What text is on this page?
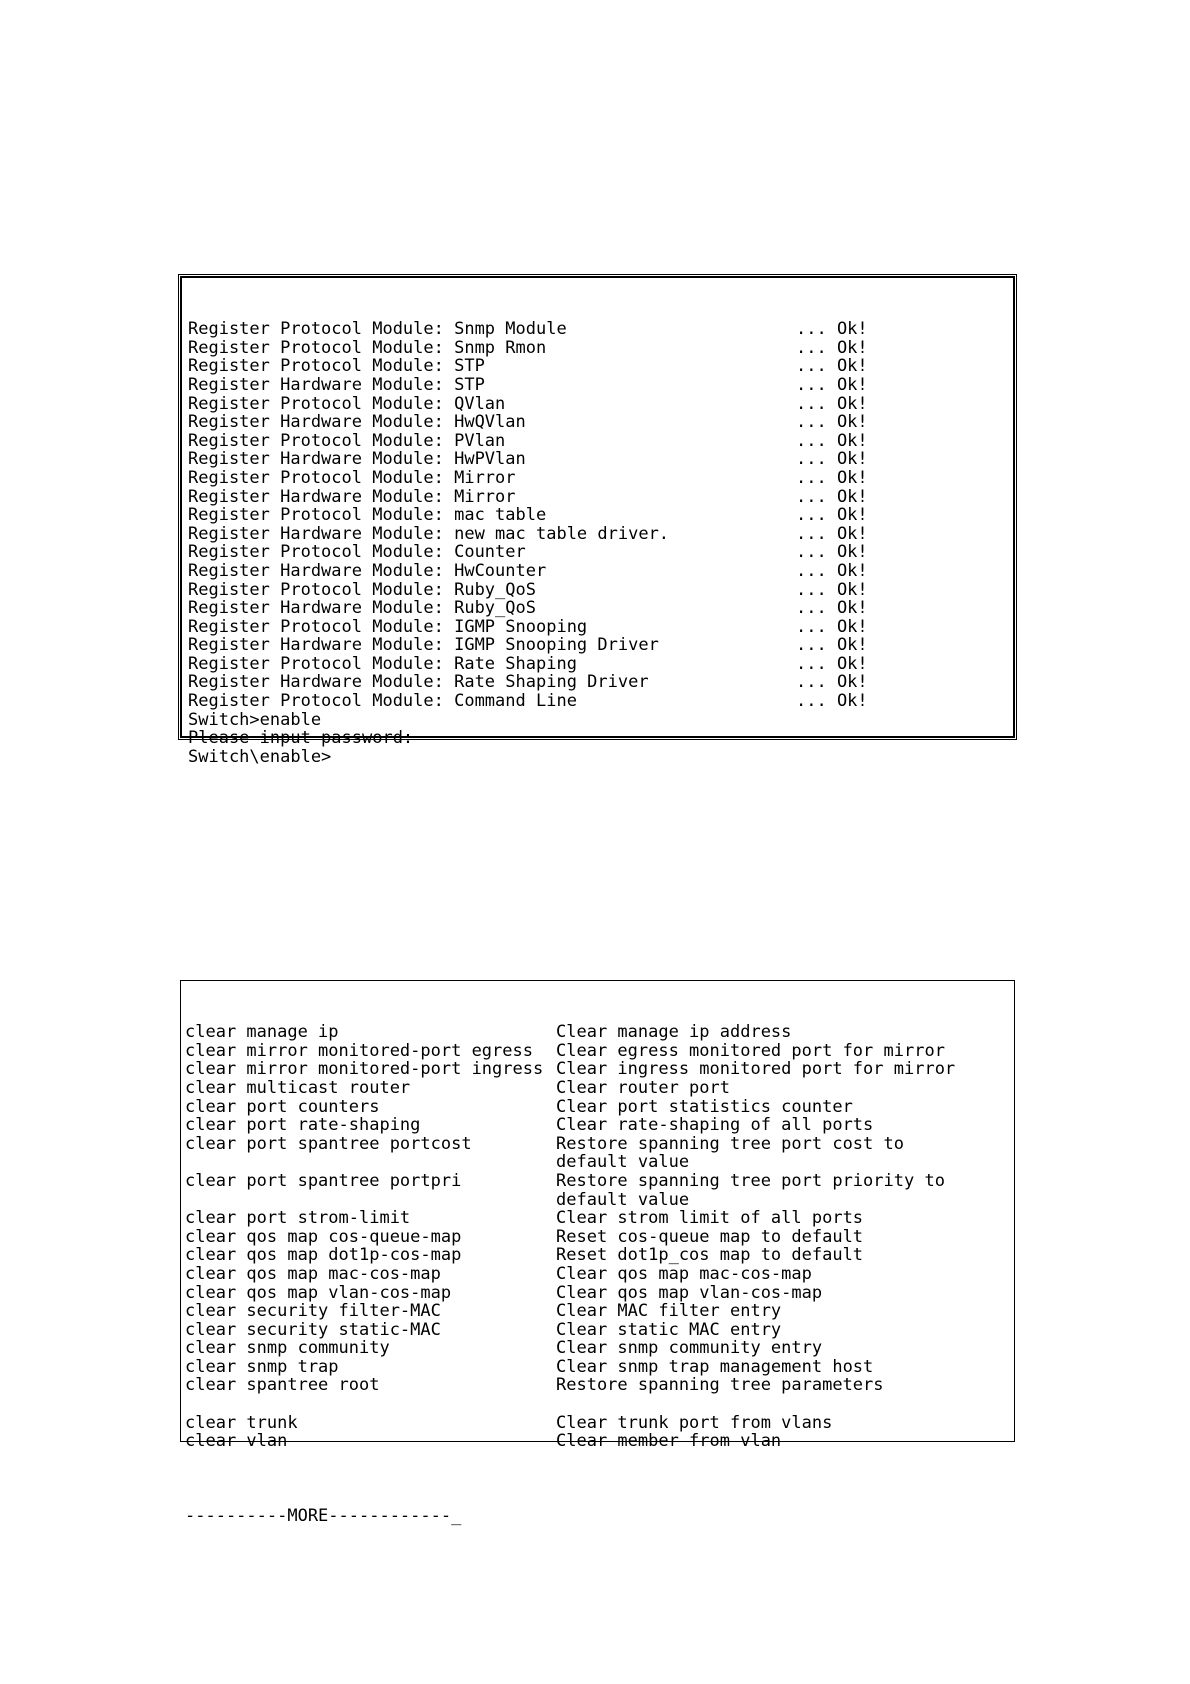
Register Protocol Module: Snmp Module	... Ok!
Register Protocol Module: Snmp Rmon	... Ok!
Register Protocol Module: STP	... Ok!
Register Hardware Module: STP	... Ok!
Register Protocol Module: QVlan	... Ok!
Register Hardware Module: HwQVlan	... Ok!
Register Protocol Module: PVlan	... Ok!
Register Hardware Module: HwPVlan	... Ok!
Register Protocol Module: Mirror	... Ok!
Register Hardware Module: Mirror	... Ok!
Register Protocol Module: mac table	... Ok!
Register Hardware Module: new mac table driver.	... Ok!
Register Protocol Module: Counter	... Ok!
Register Hardware Module: HwCounter	... Ok!
Register Protocol Module: Ruby_QoS	... Ok!
Register Hardware Module: Ruby_QoS	... Ok!
Register Protocol Module: IGMP Snooping	... Ok!
Register Hardware Module: IGMP Snooping Driver	... Ok!
Register Protocol Module: Rate Shaping	... Ok!
Register Hardware Module: Rate Shaping Driver	... Ok!
Register Protocol Module: Command Line	... Ok!
Switch>enable
Please input password:
Switch\enable>

clear manage ip	Clear manage ip address
clear mirror monitored-port egress Clear egress monitored port for mirror
clear mirror monitored-port ingress Clear ingress monitored port for mirror
clear multicast router	Clear router port
clear port counters	Clear port statistics counter
clear port rate-shaping	Clear rate-shaping of all ports
clear port spantree portcost	Restore spanning tree port cost to
default value
clear port spantree portpri	Restore spanning tree port priority to
default value
clear port strom-limit	Clear strom limit of all ports
clear qos map cos-queue-map	Reset cos-queue map to default
clear qos map dot1p-cos-map	Reset dot1p_cos map to default
clear qos map mac-cos-map	Clear qos map mac-cos-map
clear qos map vlan-cos-map	Clear qos map vlan-cos-map
clear security filter-MAC	Clear MAC filter entry
clear security static-MAC	Clear static MAC entry
clear snmp community	Clear snmp community entry
clear snmp trap	Clear snmp trap management host
clear spantree root	Restore spanning tree parameters
clear trunk	Clear trunk port from vlans
clear vlan	Clear member from vlan

----------MORE------------_
